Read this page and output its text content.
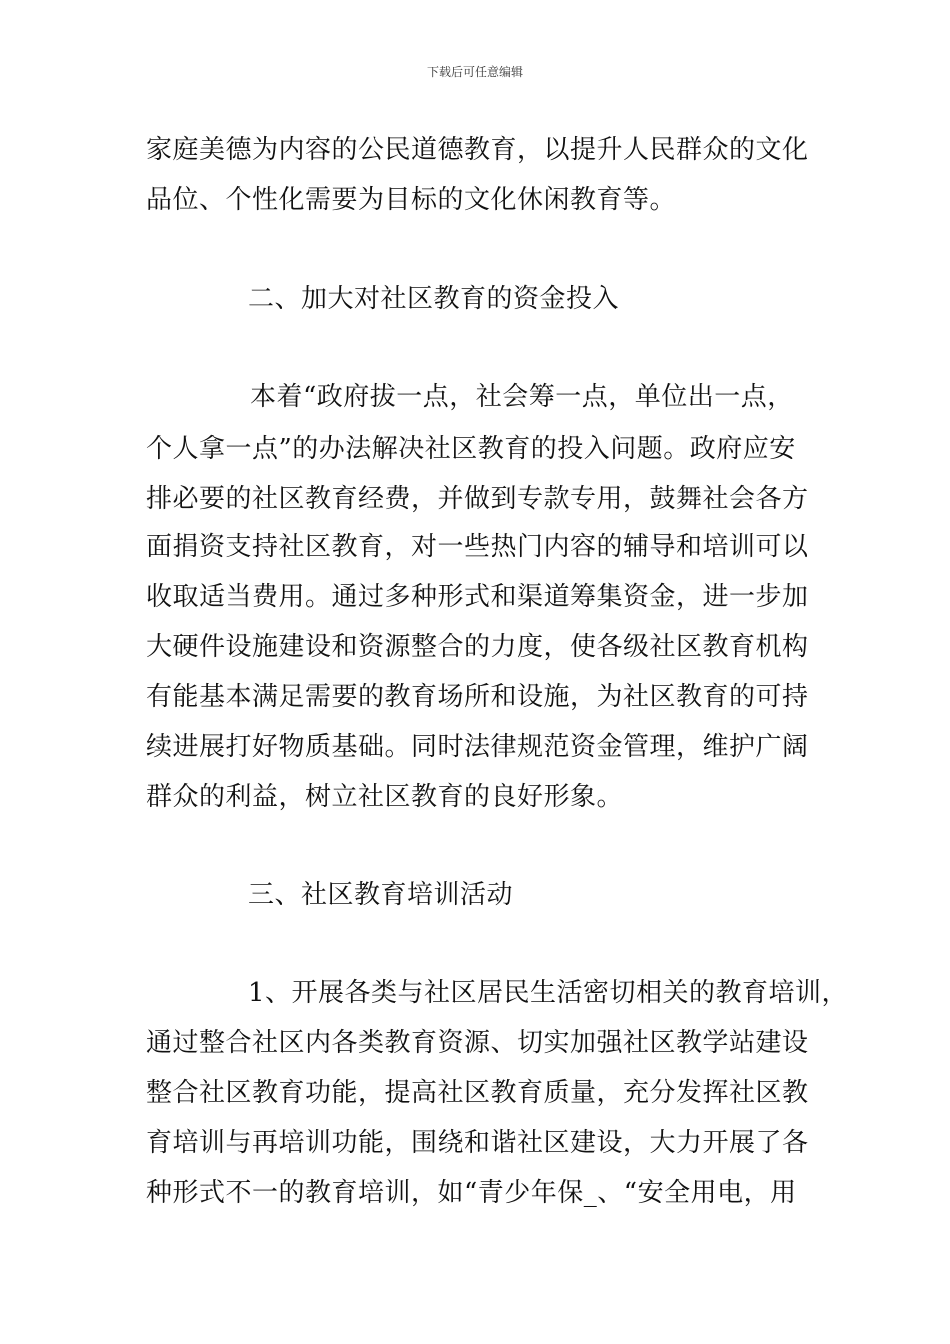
下载后可任意编辑
家庭美德为内容的公民道德教育，以提升人民群众的文化
品位、个性化需要为目标的文化休闲教育等。
二、加大对社区教育的资金投入
本着“政府拔一点，社会筹一点，单位出一点，
个人拿一点”的办法解决社区教育的投入问题。政府应安
排必要的社区教育经费，并做到专款专用，鼓舞社会各方
面捐资支持社区教育，对一些热门内容的辅导和培训可以
收取适当费用。通过多种形式和渠道筹集资金，进一步加
大硬件设施建设和资源整合的力度，使各级社区教育机构
有能基本满足需要的教育场所和设施，为社区教育的可持
续进展打好物质基础。同时法律规范资金管理，维护广阔
群众的利益，树立社区教育的良好形象。
三、社区教育培训活动
1、开展各类与社区居民生活密切相关的教育培训，
通过整合社区内各类教育资源、切实加强社区教学站建设
整合社区教育功能，提高社区教育质量，充分发挥社区教
育培训与再培训功能，围绕和谐社区建设，大力开展了各
种形式不一的教育培训，如“青少年保_、“安全用电，用
